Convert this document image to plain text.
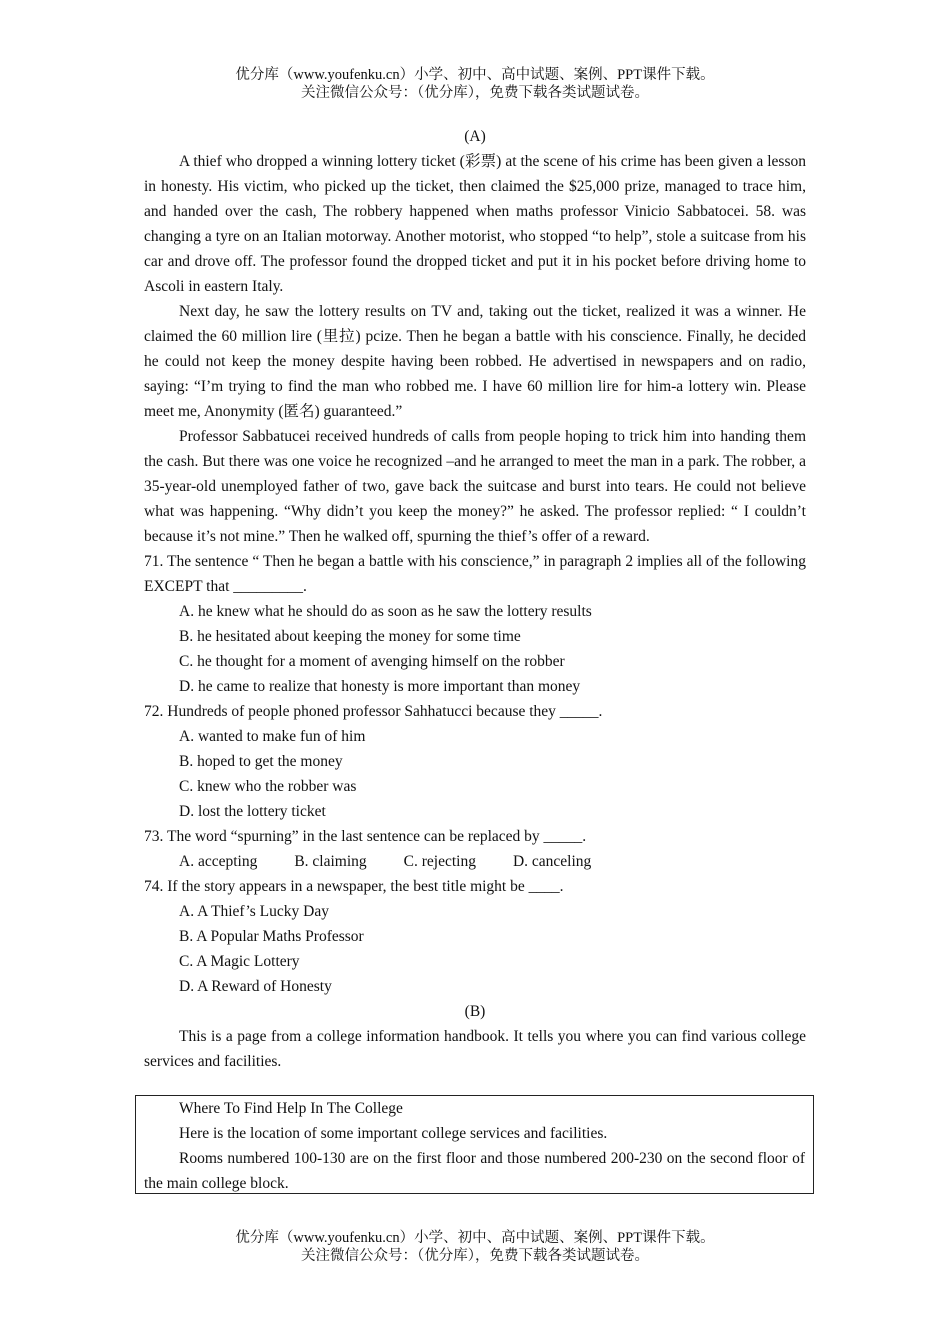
优分库（www.youfenku.cn）小学、初中、高中试题、案例、PPT课件下载。
关注微信公众号：（优分库），免费下载各类试题试卷。
(A)

A thief who dropped a winning lottery ticket (彩票) at the scene of his crime has been given a lesson in honesty. His victim, who picked up the ticket, then claimed the $25,000 prize, managed to trace him, and handed over the cash, The robbery happened when maths professor Vinicio Sabbatocei. 58. was changing a tyre on an Italian motorway. Another motorist, who stopped “to help”, stole a suitcase from his car and drove off. The professor found the dropped ticket and put it in his pocket before driving home to Ascoli in eastern Italy.

Next day, he saw the lottery results on TV and, taking out the ticket, realized it was a winner. He claimed the 60 million lire (里拉) pcize. Then he began a battle with his conscience. Finally, he decided he could not keep the money despite having been robbed. He advertised in newspapers and on radio, saying: “I’m trying to find the man who robbed me. I have 60 million lire for him-a lottery win. Please meet me, Anonymity (匿名) guaranteed.”

Professor Sabbatucei received hundreds of calls from people hoping to trick him into handing them the cash. But there was one voice he recognized –and he arranged to meet the man in a park. The robber, a 35-year-old unemployed father of two, gave back the suitcase and burst into tears. He could not believe what was happening. “Why didn’t you keep the money?” he asked. The professor replied: “ I couldn’t because it’s not mine.” Then he walked off, spurning the thief’s offer of a reward.

71. The sentence “ Then he began a battle with his conscience,” in paragraph 2 implies all of the following EXCEPT that _________.

A. he knew what he should do as soon as he saw the lottery results

B. he hesitated about keeping the money for some time

C. he thought for a moment of avenging himself on the robber

D. he came to realize that honesty is more important than money

72. Hundreds of people phoned professor Sahhatucci because they _____.

A. wanted to make fun of him

B. hoped to get the money

C. knew who the robber was

D. lost the lottery ticket

73. The word “spurning” in the last sentence can be replaced by _____.

A. accepting B. claiming C. rejecting D. canceling

74. If the story appears in a newspaper, the best title might be ____.

A. A Thief’s Lucky Day

B. A Popular Maths Professor

C. A Magic Lottery

D. A Reward of Honesty

(B)

This is a page from a college information handbook. It tells you where you can find various college services and facilities.

Where To Find Help In The College

Here is the location of some important college services and facilities.

Rooms numbered 100-130 are on the first floor and those numbered 200-230 on the second floor of the main college block.

优分库（www.youfenku.cn）小学、初中、高中试题、案例、PPT课件下载。
关注微信公众号：（优分库），免费下载各类试题试卷。
